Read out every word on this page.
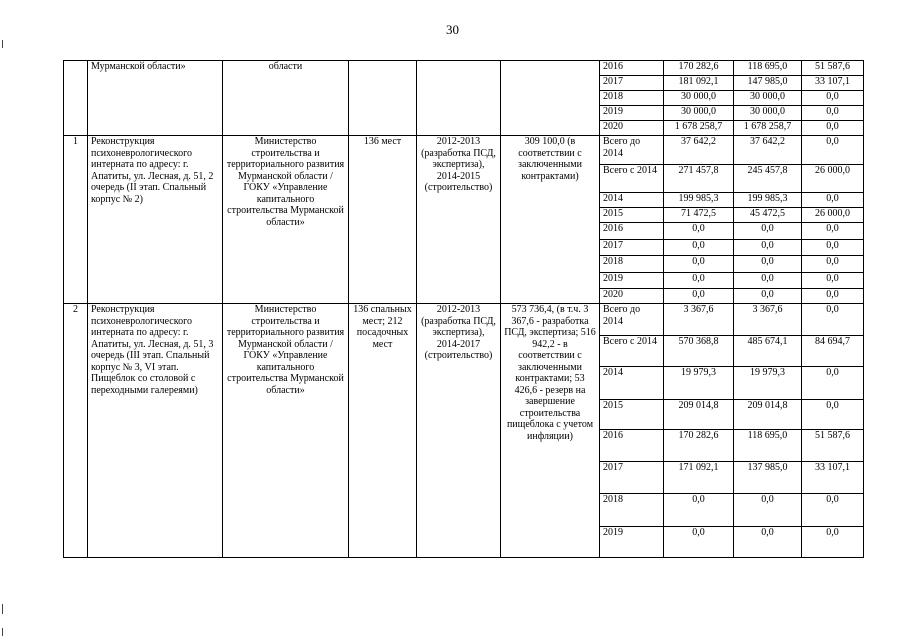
30
	Мурманской области»	области				2016	170 282,6	118 695,0	51 587,6
						2017	181 092,1	147 985,0	33 107,1
						2018	30 000,0	30 000,0	0,0
						2019	30 000,0	30 000,0	0,0
						2020	1 678 258,7	1 678 258,7	0,0
1	Реконструкция психоневрологического интерната по адресу: г. Апатиты, ул. Лесная, д. 51, 2 очередь (II этап. Спальный корпус № 2)	Министерство строительства и территориального развития Мурманской области / ГОКУ «Управление капитального строительства Мурманской области»	136 мест	2012-2013 (разработка ПСД, экспертиза), 2014-2015 (строительство)	309 100,0 (в соответствии с заключенными контрактами)	Всего до 2014	37 642,2	37 642,2	0,0
						Всего с 2014	271 457,8	245 457,8	26 000,0
						2014	199 985,3	199 985,3	0,0
						2015	71 472,5	45 472,5	26 000,0
						2016	0,0	0,0	0,0
						2017	0,0	0,0	0,0
						2018	0,0	0,0	0,0
						2019	0,0	0,0	0,0
						2020	0,0	0,0	0,0
2	Реконструкция психоневрологического интерната по адресу: г. Апатиты, ул. Лесная, д. 51, 3 очередь (III этап. Спальный корпус № 3, VI этап. Пищеблок со столовой с переходными галереями)	Министерство строительства и территориального развития Мурманской области / ГОКУ «Управление капитального строительства Мурманской области»	136 спальных мест; 212 посадочных мест	2012-2013 (разработка ПСД, экспертиза), 2014-2017 (строительство)	573 736,4, (в т.ч. 3 367,6 - разработка ПСД, экспертиза; 516 942,2 - в соответствии с заключенными контрактами; 53 426,6 - резерв на завершение строительства пищеблока с учетом инфляции)	Всего до 2014	3 367,6	3 367,6	0,0
						Всего с 2014	570 368,8	485 674,1	84 694,7
						2014	19 979,3	19 979,3	0,0
						2015	209 014,8	209 014,8	0,0
						2016	170 282,6	118 695,0	51 587,6
						2017	171 092,1	137 985,0	33 107,1
						2018	0,0	0,0	0,0
						2019	0,0	0,0	0,0
